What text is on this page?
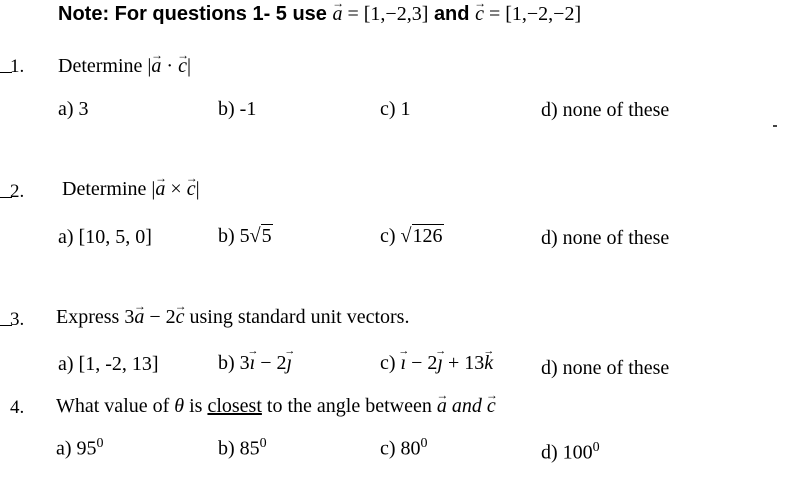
Note: For questions 1- 5 use a → = [1,−2,3] and c → = [1,−2,−2]
1. Determine |a → · c →|
a) 3	b) -1	c) 1	d) none of these
2. Determine |a → × c →|
a) [10, 5, 0]	b) 5√5	c) √126	d) none of these
3. Express 3a → − 2c → using standard unit vectors.
a) [1, -2, 13]	b) 3ı → − 2ȷ →	c) ı → − 2ȷ → + 13k → d) none of these
4. What value of θ is closest to the angle between a → and c →
a) $95^0$	b) $85^0$	c) $80^0$	d) $100^0$
